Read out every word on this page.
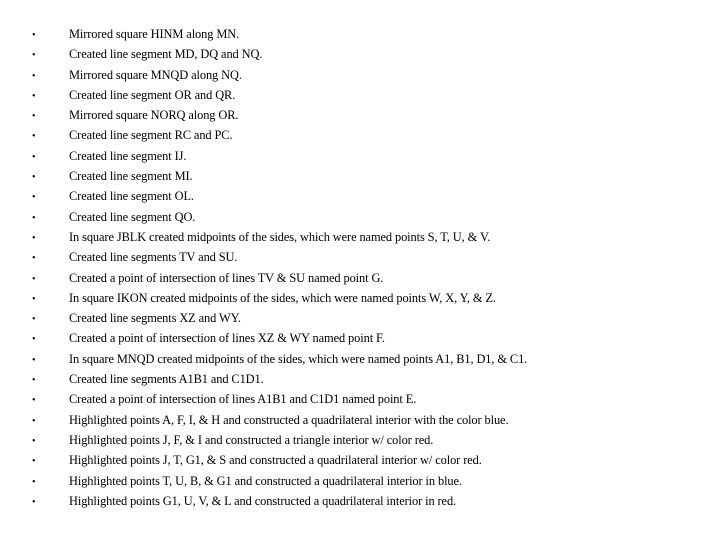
•	Mirrored square HINM along MN.
•	Created line segment MD, DQ and NQ.
•	Mirrored square MNQD along NQ.
•	Created line segment OR and QR.
•	Mirrored square NORQ along OR.
•	Created line segment RC and PC.
•	Created line segment IJ.
•	Created line segment MI.
•	Created line segment OL.
•	Created line segment QO.
•	In square JBLK created midpoints of the sides, which were named points S, T, U, & V.
•	Created line segments TV and SU.
•	Created a point of intersection of lines TV & SU named point G.
•	In square IKON created midpoints of the sides, which were named points W, X, Y, & Z.
•	Created line segments XZ and WY.
•	Created a point of intersection of lines XZ & WY named point F.
•	In square MNQD created midpoints of the sides, which were named points A1, B1, D1, & C1.
•	Created line segments A1B1 and C1D1.
•	Created a point of intersection of lines A1B1 and C1D1 named point E.
•	Highlighted points A, F, I, & H and constructed a quadrilateral interior with the color blue.
•	Highlighted points J, F, & I and constructed a triangle interior w/ color red.
•	Highlighted points J, T, G1, & S and constructed a quadrilateral interior w/ color red.
•	Highlighted points T, U, B, & G1 and constructed a quadrilateral interior in blue.
•	Highlighted points G1, U, V, & L and constructed a quadrilateral interior in red.
